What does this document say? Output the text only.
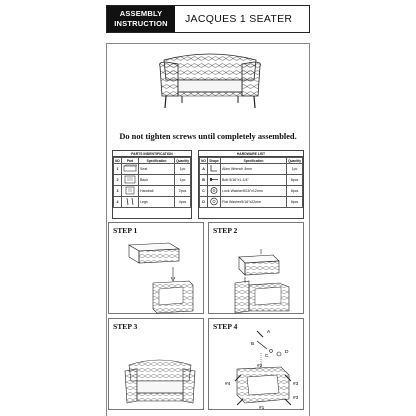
ASSEMBLY
INSTRUCTION	JACQUES 1 SEATER
Do not tighten screws until completely assembled.
PARTS INDENTIFICATION
NO	Part	Specification	Quantity
1		Seat	1pc
2		Back	1pc
3		Handrail	2pcs
4		Legs	4pcs
HARDWARE LIST
NO	Shape	Specification	Quantity
A		Allen Wrench 4mm	1pc
B		Bolt 5/16"x1-1/4"	8pcs
C		Lock Washer5/16"x12mm	8pcs
D		Flat Washer5/16"x22mm	8pcs
STEP 1	STEP 2
STEP 3	STEP 4
A
B
C
D
#2
#4	#3
#3
#1
